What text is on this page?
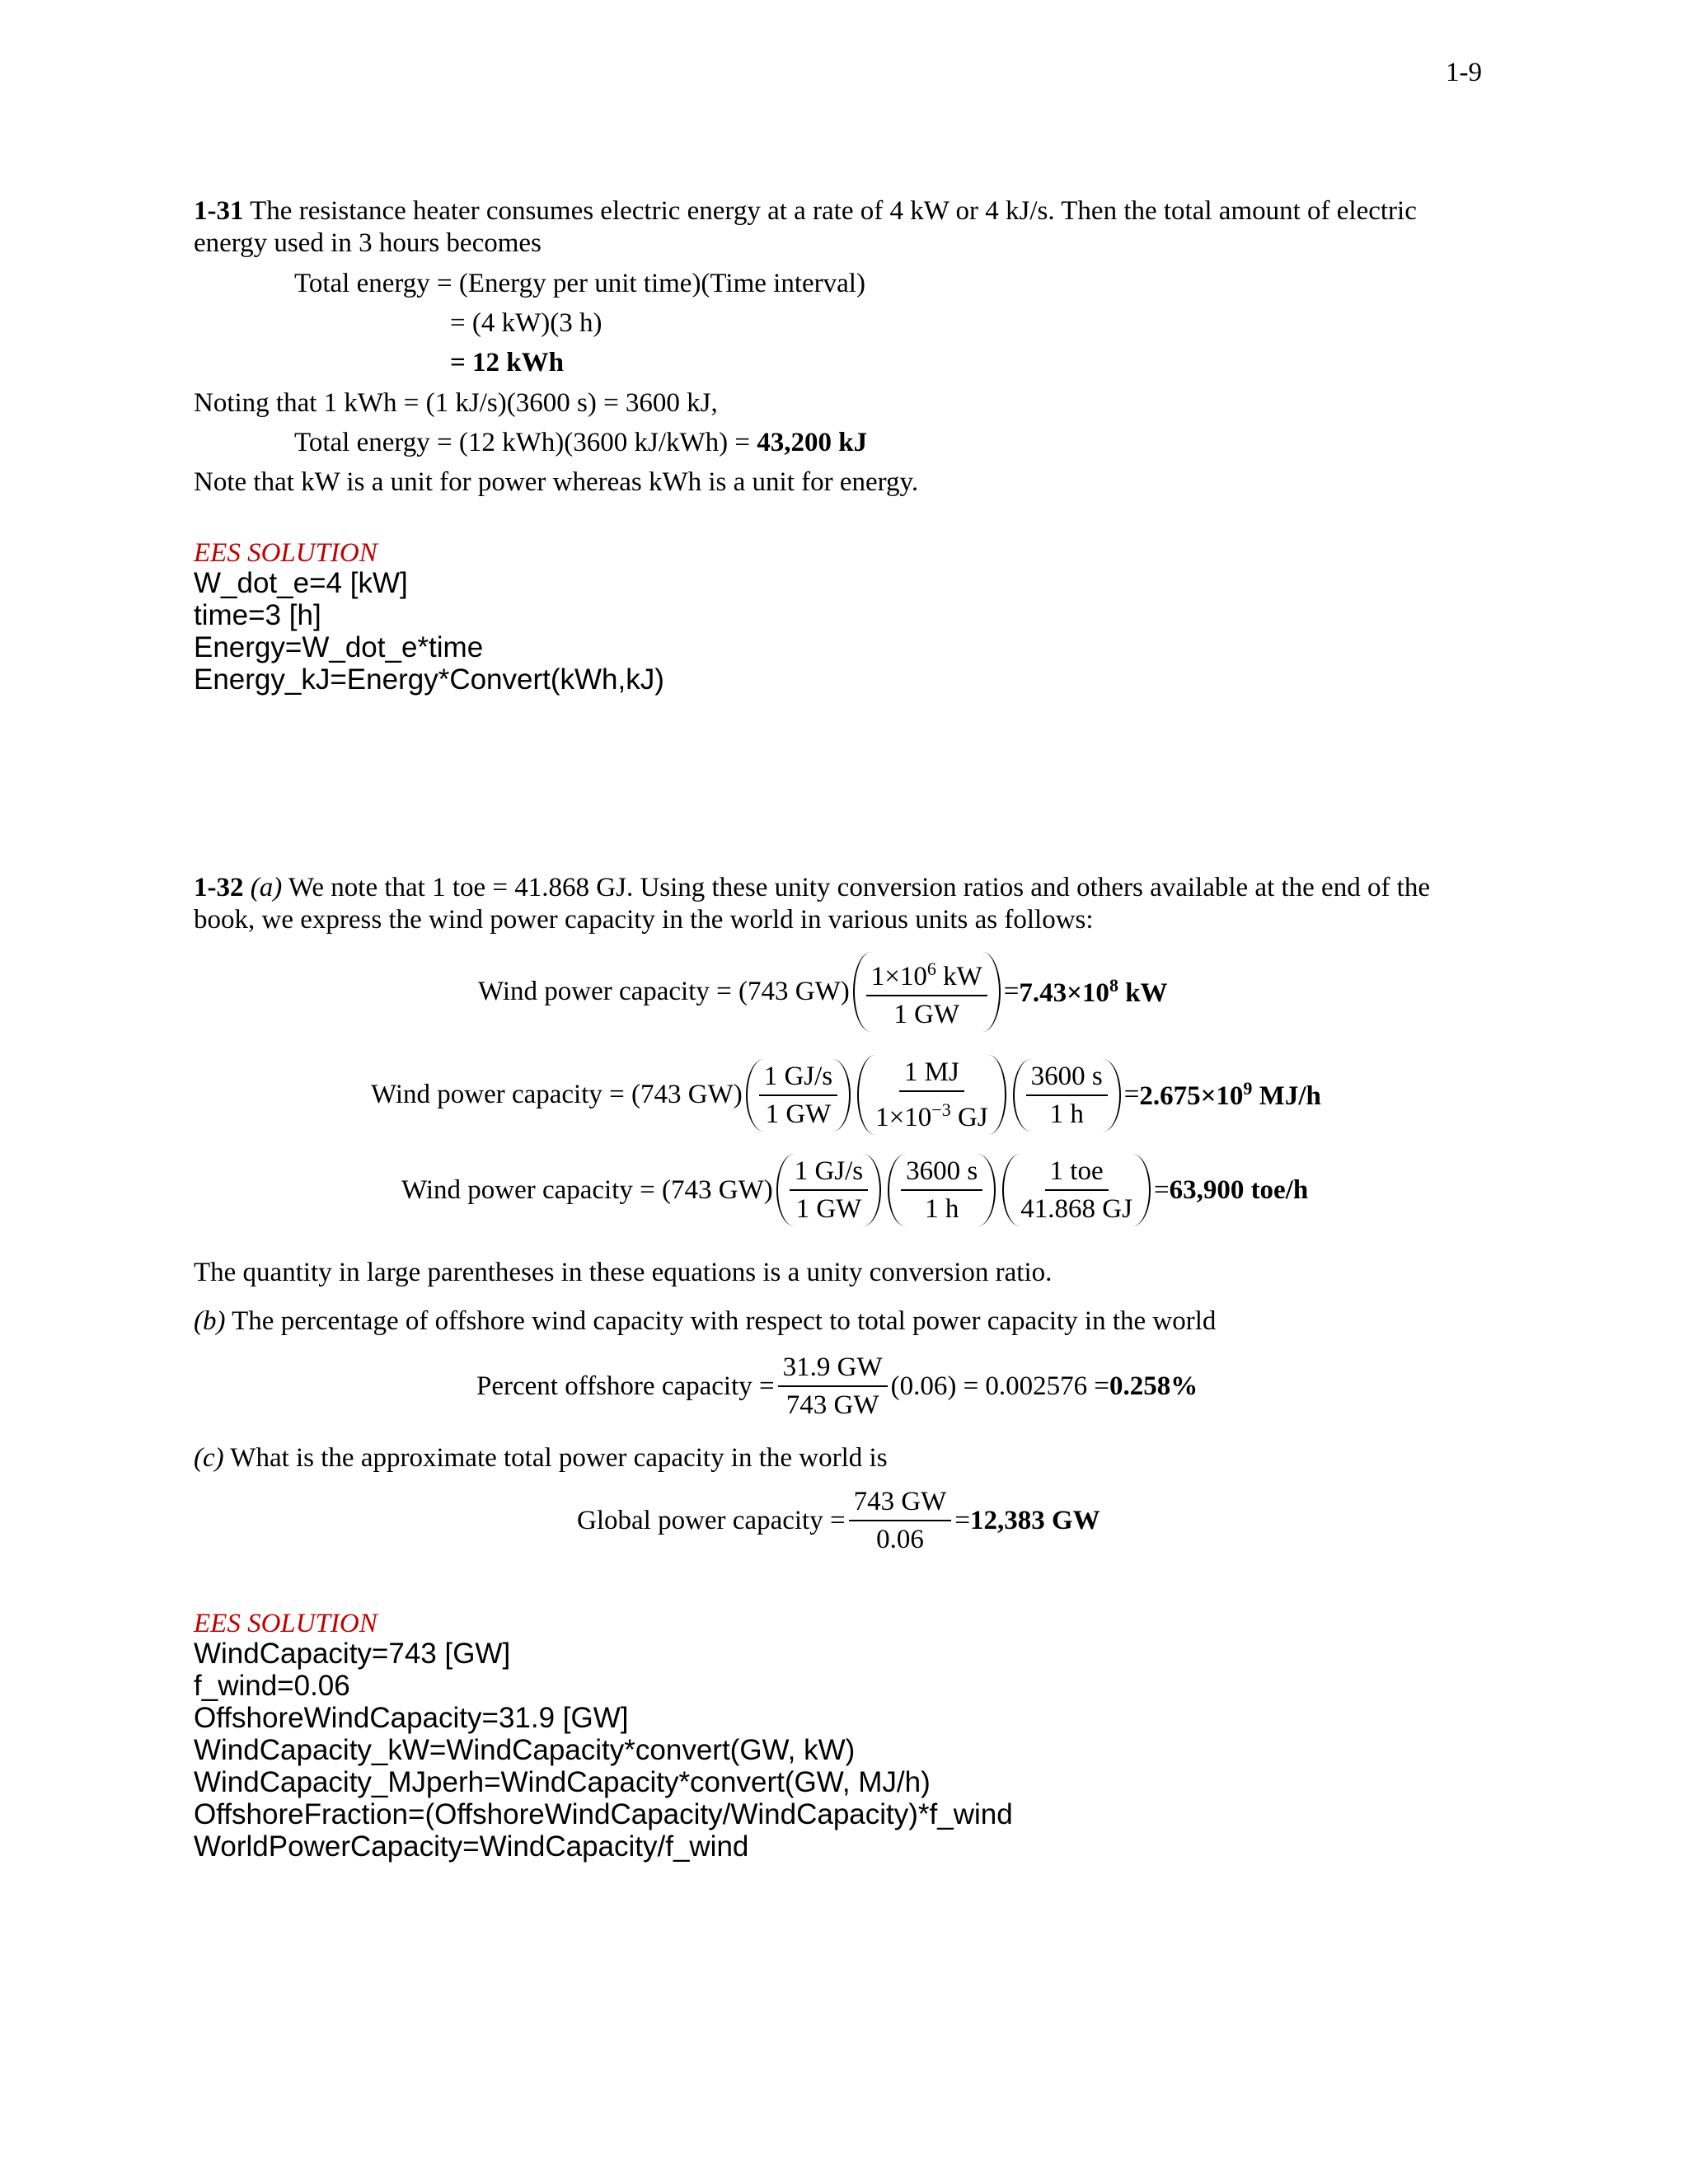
1-9
1-31 The resistance heater consumes electric energy at a rate of 4 kW or 4 kJ/s. Then the total amount of electric
energy used in 3 hours becomes
Total energy = (Energy per unit time)(Time interval)
= (4 kW)(3 h)
= 12 kWh
Noting that 1 kWh = (1 kJ/s)(3600 s) = 3600 kJ,
Total energy = (12 kWh)(3600 kJ/kWh) = 43,200 kJ
Note that kW is a unit for power whereas kWh is a unit for energy.
EES SOLUTION
W_dot_e=4 [kW]
time=3 [h]
Energy=W_dot_e*time
Energy_kJ=Energy*Convert(kWh,kJ)
1-32 (a) We note that 1 toe = 41.868 GJ. Using these unity conversion ratios and others available at the end of the
book, we express the wind power capacity in the world in various units as follows:
Wind power capacity = (743 $GW) \frac{1\times 10^6 kW}{1 GW} = 7.43\times 10^8$ kW
Wind power capacity = (743 $GW) \frac{1 GJ/s}{1 GW} \frac{1 MJ}{1\times 10^{-3} GJ} \frac{3600 s}{1 h} = 2.675\times 10^9$ MJ/h
Wind power capacity = (743 $GW) \frac{1 GJ/s}{1 GW} \frac{3600 s}{1 h} \frac{\text{1 toe}}{41.868 GJ} = 63,900$ toe/h
The quantity in large parentheses in these equations is a unity conversion ratio.
(b) The percentage of offshore wind capacity with respect to total power capacity in the world
Percent offshore capacity = $\frac{31.9 GW}{743 GW} (0.06) = 0.002576 = 0.258\%$
(c) What is the approximate total power capacity in the world is
Global power capacity = $\frac{743 GW}{0.06} = 12,383$ GW
EES SOLUTION
WindCapacity=743 [GW]
f_wind=0.06
OffshoreWindCapacity=31.9 [GW]
WindCapacity_kW=WindCapacity*convert(GW, kW)
WindCapacity_MJperh=WindCapacity*convert(GW, MJ/h)
OffshoreFraction=(OffshoreWindCapacity/WindCapacity)*f_wind
WorldPowerCapacity=WindCapacity/f_wind
